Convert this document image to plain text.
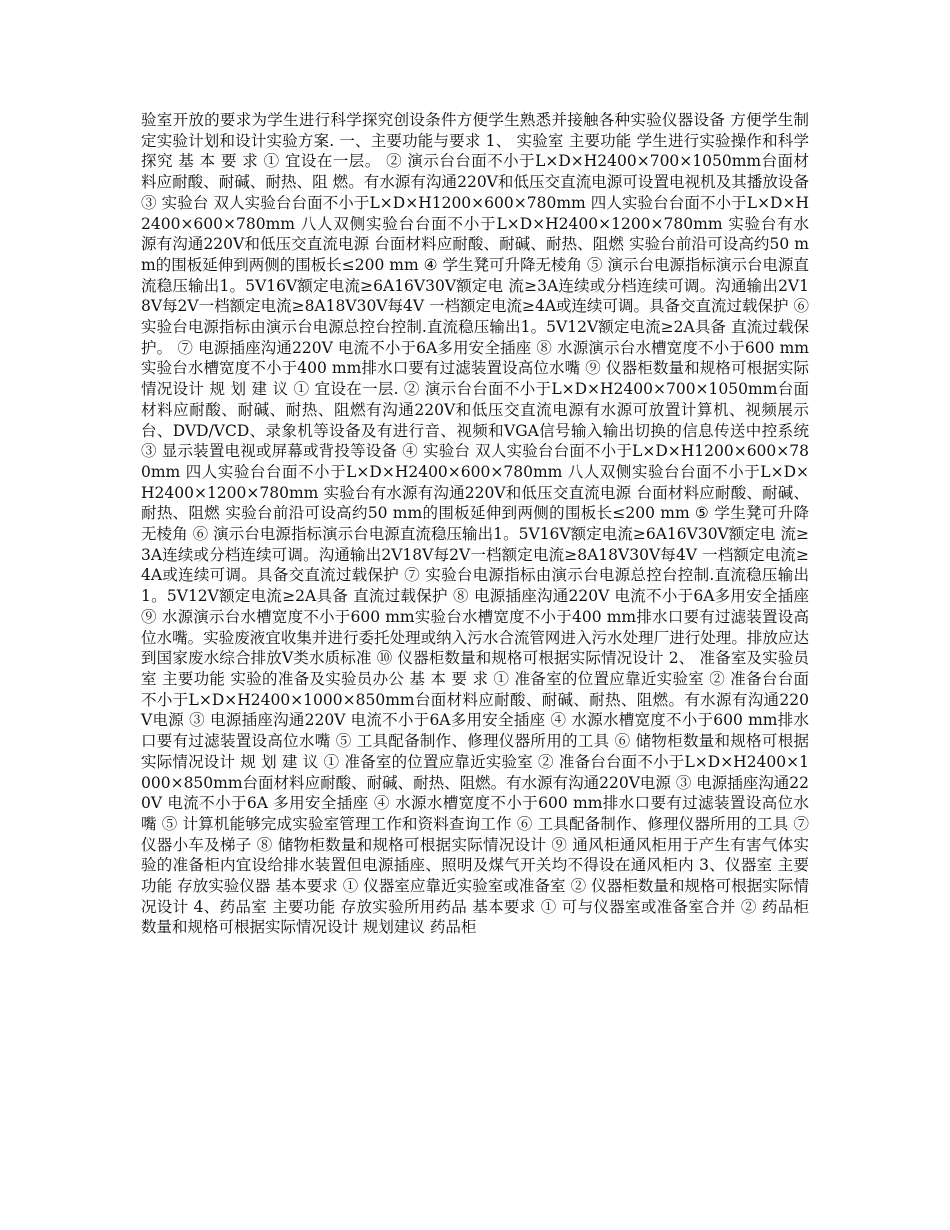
验室开放的要求为学生进行科学探究创设条件方便学生熟悉并接触各种实验仪器设备 方便学生制定实验计划和设计实验方案. 一、主要功能与要求 1、 实验室 主要功能 学生进行实验操作和科学探究 基 本 要 求 ① 宜设在一层。 ② 演示台台面不小于L×D×H2400×700×1050mm台面材料应耐酸、耐碱、耐热、阻 燃。有水源有沟通220V和低压交直流电源可设置电视机及其播放设备 ③ 实验台 双人实验台台面不小于L×D×H1200×600×780mm 四人实验台台面不小于L×D×H2400×600×780mm 八人双侧实验台台面不小于L×D×H2400×1200×780mm 实验台有水源有沟通220V和低压交直流电源 台面材料应耐酸、耐碱、耐热、阻燃 实验台前沿可设高约50 mm的围板延伸到两侧的围板长≤200 mm ④ 学生凳可升降无棱角 ⑤ 演示台电源指标演示台电源直流稳压输出1。5V16V额定电流≥6A16V30V额定电 流≥3A连续或分档连续可调。沟通输出2V18V每2V一档额定电流≥8A18V30V每4V 一档额定电流≥4A或连续可调。具备交直流过载保护 ⑥ 实验台电源指标由演示台电源总控台控制.直流稳压输出1。5V12V额定电流≥2A具备 直流过载保护。 ⑦ 电源插座沟通220V 电流不小于6A多用安全插座 ⑧ 水源演示台水槽宽度不小于600 mm实验台水槽宽度不小于400 mm排水口要有过滤装置设高位水嘴 ⑨ 仪器柜数量和规格可根据实际情况设计 规 划 建 议 ① 宜设在一层. ② 演示台台面不小于L×D×H2400×700×1050mm台面材料应耐酸、耐碱、耐热、阻燃有沟通220V和低压交直流电源有水源可放置计算机、视频展示台、DVD/VCD、录象机等设备及有进行音、视频和VGA信号输入输出切换的信息传送中控系统 ③ 显示装置电视或屏幕或背投等设备 ④ 实验台 双人实验台台面不小于L×D×H1200×600×780mm 四人实验台台面不小于L×D×H2400×600×780mm 八人双侧实验台台面不小于L×D×H2400×1200×780mm 实验台有水源有沟通220V和低压交直流电源 台面材料应耐酸、耐碱、耐热、阻燃 实验台前沿可设高约50 mm的围板延伸到两侧的围板长≤200 mm ⑤ 学生凳可升降无棱角 ⑥ 演示台电源指标演示台电源直流稳压输出1。5V16V额定电流≥6A16V30V额定电 流≥3A连续或分档连续可调。沟通输出2V18V每2V一档额定电流≥8A18V30V每4V 一档额定电流≥4A或连续可调。具备交直流过载保护 ⑦ 实验台电源指标由演示台电源总控台控制.直流稳压输出1。5V12V额定电流≥2A具备 直流过载保护 ⑧ 电源插座沟通220V 电流不小于6A多用安全插座 ⑨ 水源演示台水槽宽度不小于600 mm实验台水槽宽度不小于400 mm排水口要有过滤装置设高位水嘴。实验废液宜收集并进行委托处理或纳入污水合流管网进入污水处理厂进行处理。排放应达到国家废水综合排放V类水质标准 ⑩ 仪器柜数量和规格可根据实际情况设计 2、 准备室及实验员室 主要功能 实验的准备及实验员办公 基 本 要 求 ① 准备室的位置应靠近实验室 ② 准备台台面不小于L×D×H2400×1000×850mm台面材料应耐酸、耐碱、耐热、阻燃。有水源有沟通220V电源 ③ 电源插座沟通220V 电流不小于6A多用安全插座 ④ 水源水槽宽度不小于600 mm排水口要有过滤装置设高位水嘴 ⑤ 工具配备制作、修理仪器所用的工具 ⑥ 储物柜数量和规格可根据实际情况设计 规 划 建 议 ① 准备室的位置应靠近实验室 ② 准备台台面不小于L×D×H2400×1000×850mm台面材料应耐酸、耐碱、耐热、阻燃。有水源有沟通220V电源 ③ 电源插座沟通220V 电流不小于6A 多用安全插座 ④ 水源水槽宽度不小于600 mm排水口要有过滤装置设高位水嘴 ⑤ 计算机能够完成实验室管理工作和资料查询工作 ⑥ 工具配备制作、修理仪器所用的工具 ⑦ 仪器小车及梯子 ⑧ 储物柜数量和规格可根据实际情况设计 ⑨ 通风柜通风柜用于产生有害气体实验的准备柜内宜设给排水装置但电源插座、照明及煤气开关均不得设在通风柜内 3、仪器室 主要功能 存放实验仪器 基本要求 ① 仪器室应靠近实验室或准备室 ② 仪器柜数量和规格可根据实际情况设计 4、药品室 主要功能 存放实验所用药品 基本要求 ① 可与仪器室或准备室合并 ② 药品柜数量和规格可根据实际情况设计 规划建议 药品柜
